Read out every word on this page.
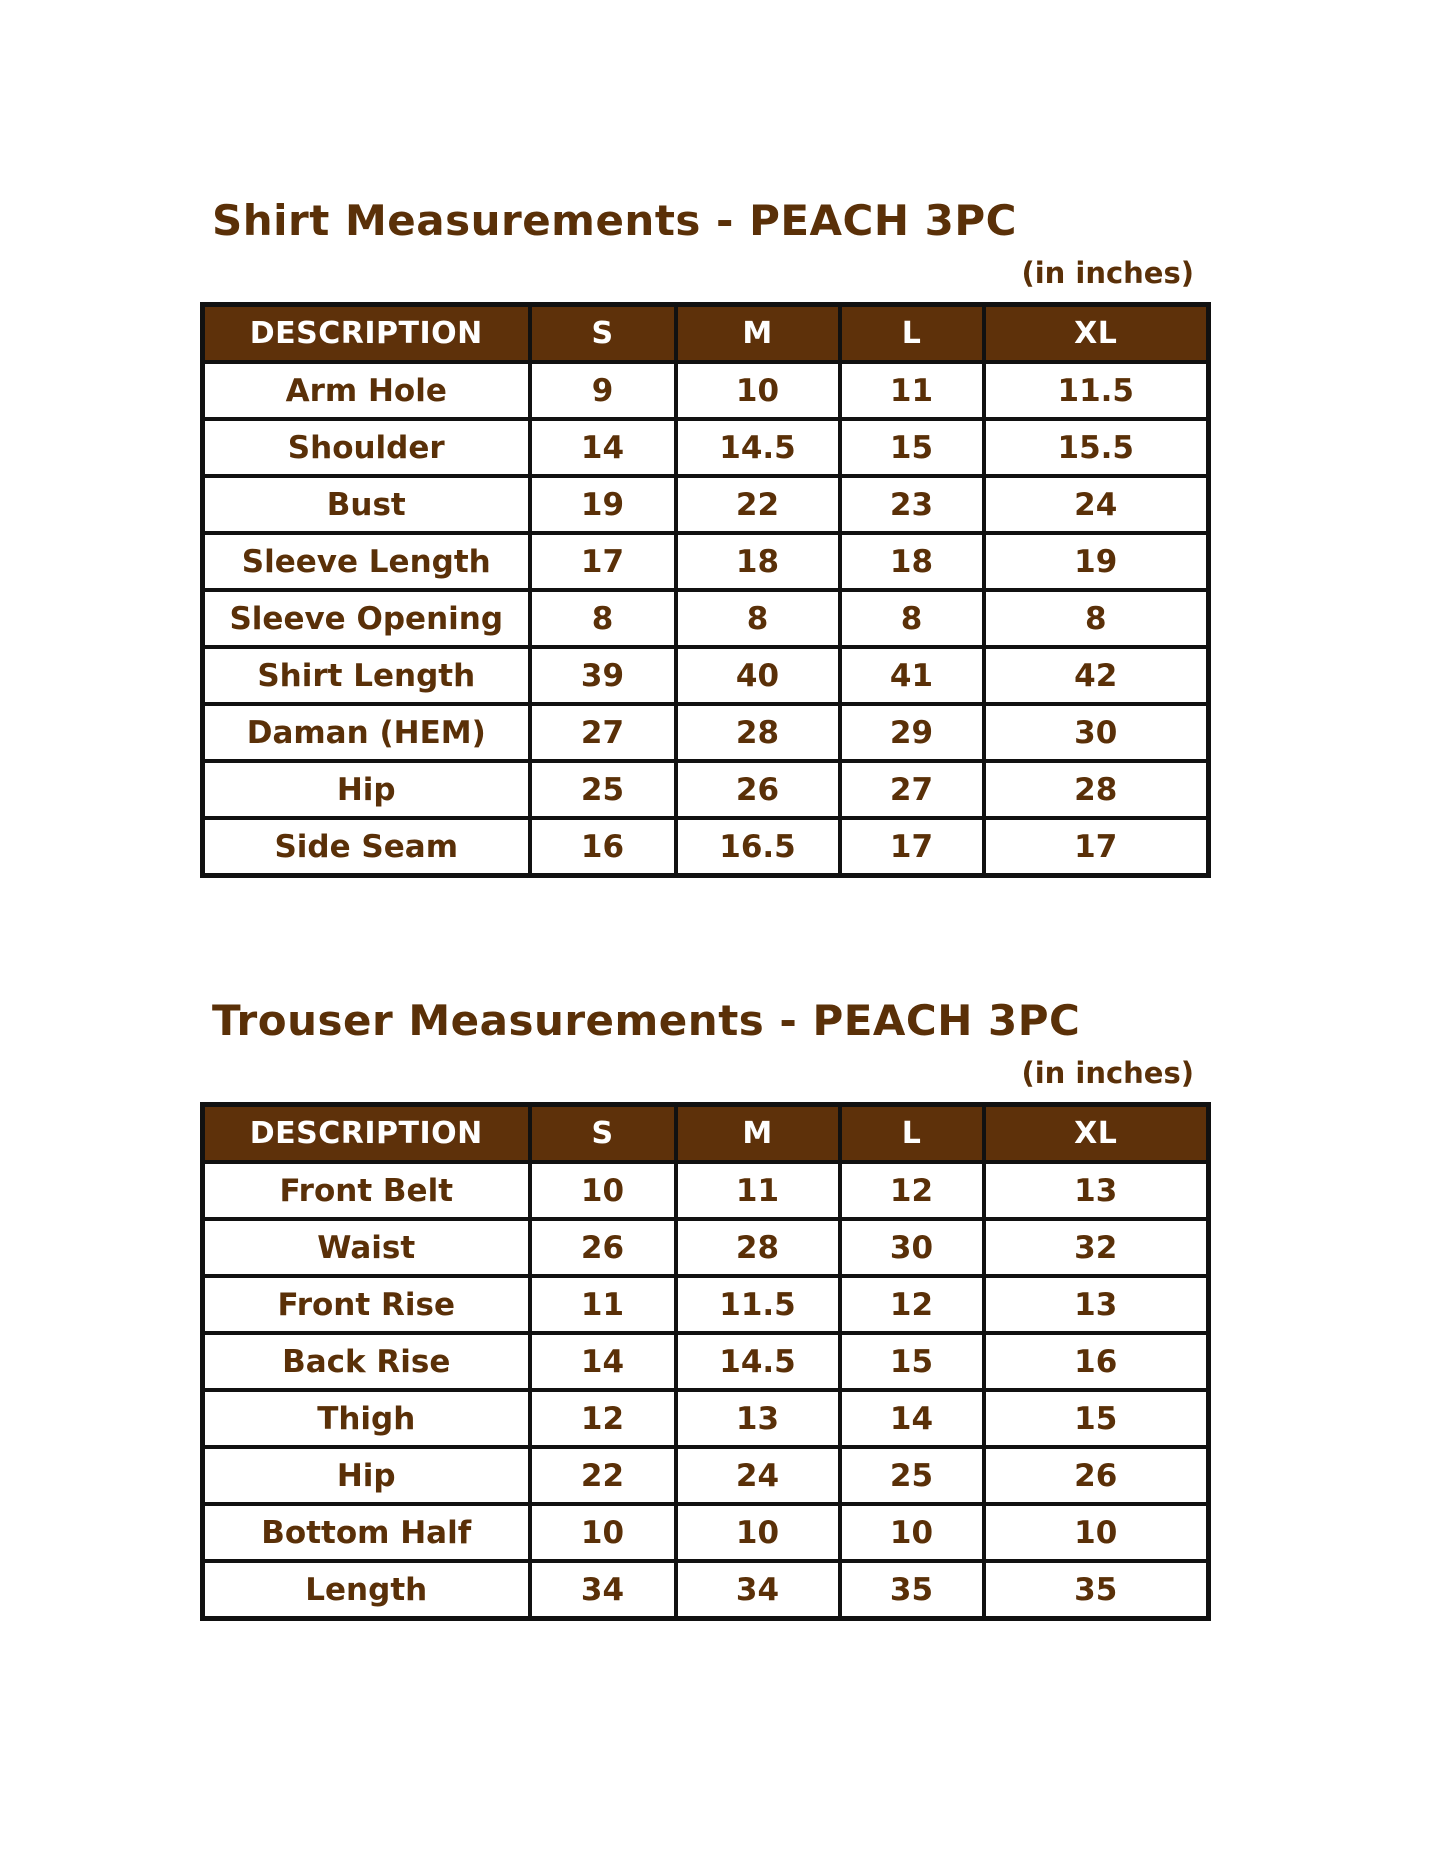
Shirt Measurements - PEACH 3PC
(in inches)
DESCRIPTION	S	M	L	XL
Arm Hole	9	10	11	11.5
Shoulder	14	14.5	15	15.5
Bust	19	22	23	24
Sleeve Length	17	18	18	19
Sleeve Opening	8	8	8	8
Shirt Length	39	40	41	42
Daman (HEM)	27	28	29	30
Hip	25	26	27	28
Side Seam	16	16.5	17	17
Trouser Measurements - PEACH 3PC
(in inches)
DESCRIPTION	S	M	L	XL
Front Belt	10	11	12	13
Waist	26	28	30	32
Front Rise	11	11.5	12	13
Back Rise	14	14.5	15	16
Thigh	12	13	14	15
Hip	22	24	25	26
Bottom Half	10	10	10	10
Length	34	34	35	35
